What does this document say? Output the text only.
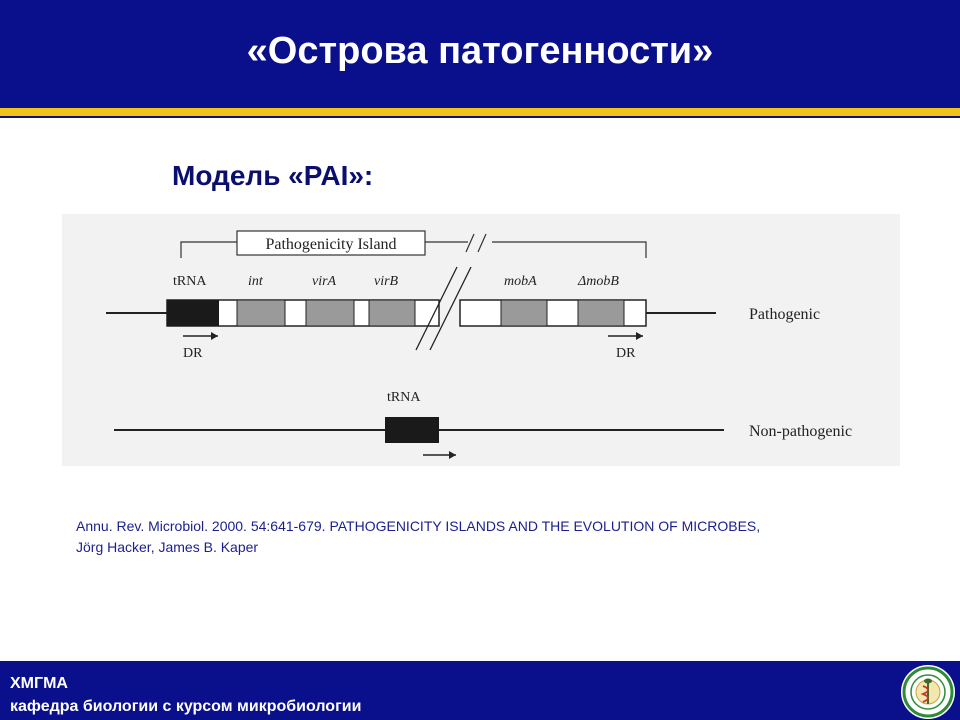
«Острова патогенности»
Модель «PAI»:
Pathogenicity Island
tRNA	int	virA	virB	mobA	ΔmobB
DR	DR
Pathogenic
tRNA
Non-pathogenic
Annu. Rev. Microbiol. 2000. 54:641-679. PATHOGENICITY ISLANDS AND THE EVOLUTION OF MICROBES,
Jörg Hacker, James B. Kaper
ХМГМА
кафедра биологии с курсом микробиологии
